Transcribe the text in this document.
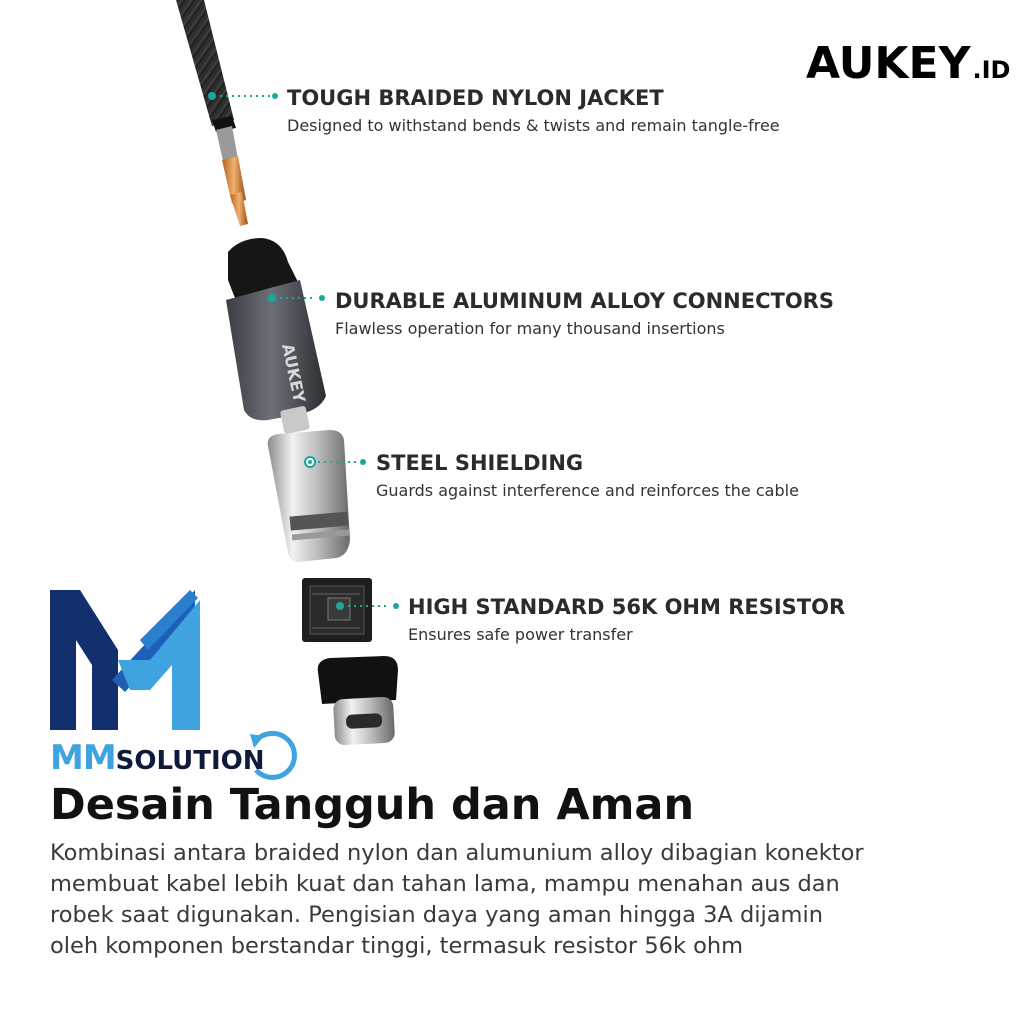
AUKEY.ID
AUKEY
TOUGH BRAIDED NYLON JACKET
Designed to withstand bends & twists and remain tangle-free
DURABLE ALUMINUM ALLOY CONNECTORS
Flawless operation for many thousand insertions
STEEL SHIELDING
Guards against interference and reinforces the cable
HIGH STANDARD 56K OHM RESISTOR
Ensures safe power transfer
MMSOLUTION
Desain Tangguh dan Aman
Kombinasi antara braided nylon dan alumunium alloy dibagian konektor
membuat kabel lebih kuat dan tahan lama, mampu menahan aus dan
robek saat digunakan. Pengisian daya yang aman hingga 3A dijamin
oleh komponen berstandar tinggi, termasuk resistor 56k ohm
